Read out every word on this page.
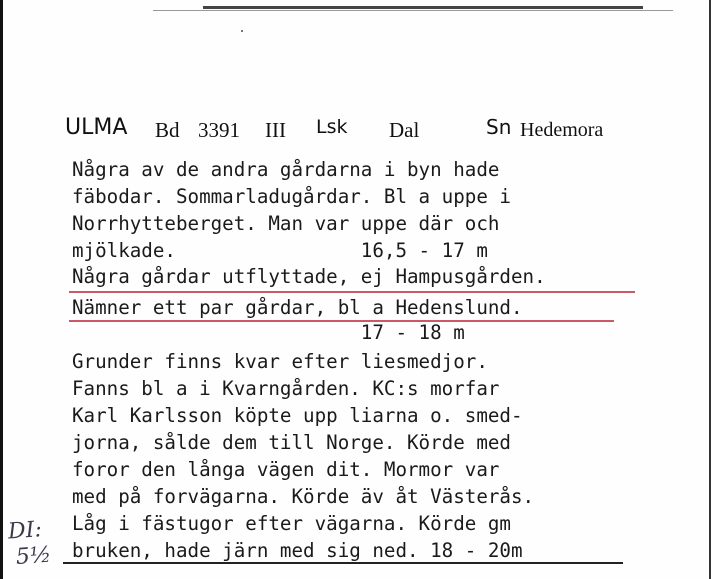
ULMA Bd 3391 III Lsk Dal	Sn Hedemora
Några av de andra gårdarna i byn hade
fäbodar. Sommarladugårdar. Bl a uppe i
Norrhytteberget. Man var uppe där och
mjölkade.                16,5 - 17 m
Några gårdar utflyttade, ej Hampusgården.
Nämner ett par gårdar, bl a Hedenslund.
17 - 18 m
Grunder finns kvar efter liesmedjor.
Fanns bl a i Kvarngården. KC:s morfar
Karl Karlsson köpte upp liarna o. smed-
jorna, sålde dem till Norge. Körde med
foror den långa vägen dit. Mormor var
med på forvägarna. Körde äv åt Västerås.
Låg i fästugor efter vägarna. Körde gm
bruken, hade järn med sig ned. 18 - 20m
DI:
5½
